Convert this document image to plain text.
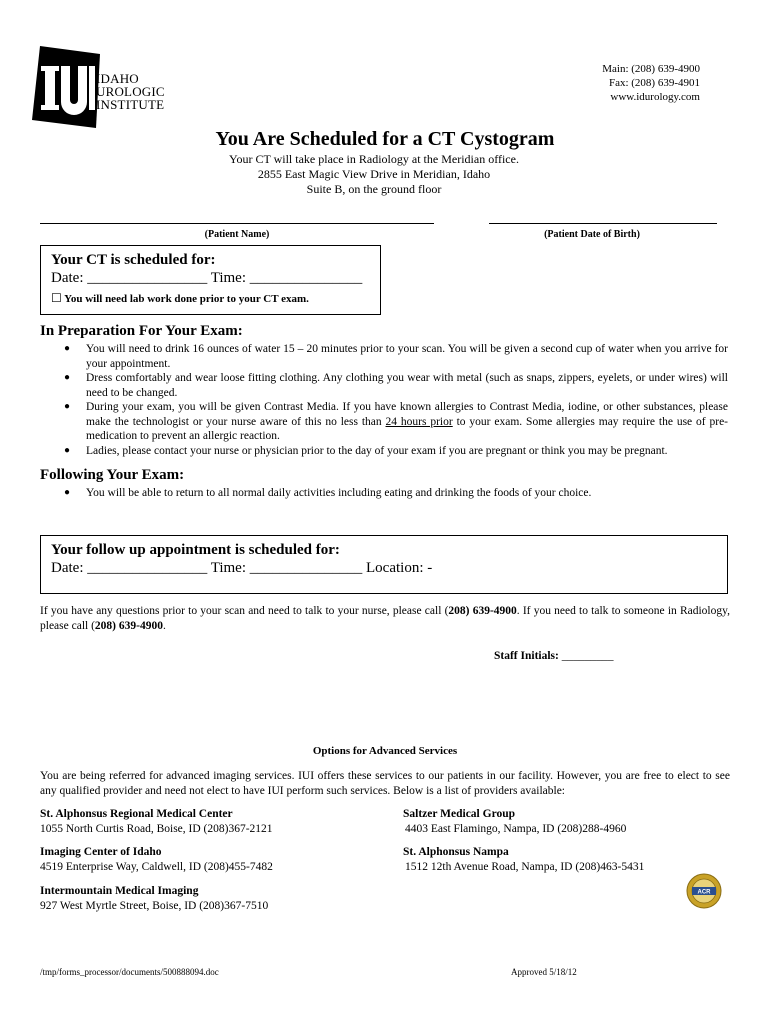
IDAHO
UROLOGIC
INSTITUTE
Main: (208) 639-4900
Fax: (208) 639-4901
www.idurology.com
You Are Scheduled for a CT Cystogram
Your CT will take place in Radiology at the Meridian office.
2855 East Magic View Drive in Meridian, Idaho
Suite B, on the ground floor
(Patient Name)	(Patient Date of Birth)
Your CT is scheduled for:
Date: ________________ Time: _______________
☐ You will need lab work done prior to your CT exam.
In Preparation For Your Exam:
● You will need to drink 16 ounces of water 15 – 20 minutes prior to your scan. You will be given a second cup of water when you arrive for your appointment.
● Dress comfortably and wear loose fitting clothing. Any clothing you wear with metal (such as snaps, zippers, eyelets, or under wires) will need to be changed.
● During your exam, you will be given Contrast Media. If you have known allergies to Contrast Media, iodine, or other substances, please make the technologist or your nurse aware of this no less than 24 hours prior to your exam. Some allergies may require the use of pre-medication to prevent an allergic reaction.
● Ladies, please contact your nurse or physician prior to the day of your exam if you are pregnant or think you may be pregnant.
Following Your Exam:
● You will be able to return to all normal daily activities including eating and drinking the foods of your choice.
Your follow up appointment is scheduled for:
Date: ________________ Time: _______________ Location: -
If you have any questions prior to your scan and need to talk to your nurse, please call (208) 639-4900. If you need to talk to someone in Radiology, please call (208) 639-4900.
Staff Initials: _________
Options for Advanced Services
You are being referred for advanced imaging services. IUI offers these services to our patients in our facility. However, you are free to elect to see any qualified provider and need not elect to have IUI perform such services. Below is a list of providers available:
St. Alphonsus Regional Medical Center
1055 North Curtis Road, Boise, ID (208)367-2121
Saltzer Medical Group
4403 East Flamingo, Nampa, ID (208)288-4960
Imaging Center of Idaho
4519 Enterprise Way, Caldwell, ID (208)455-7482
St. Alphonsus Nampa
1512 12th Avenue Road, Nampa, ID (208)463-5431
Intermountain Medical Imaging
927 West Myrtle Street, Boise, ID (208)367-7510
ACR
/tmp/forms_processor/documents/500888094.doc	Approved 5/18/12
